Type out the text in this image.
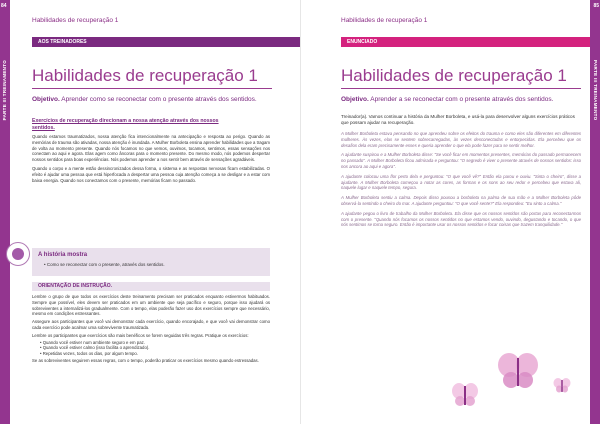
84
PARTE III TREINAMENTO
Habilidades de recuperação 1
AOS TREINADORES
Habilidades de recuperação 1
Objetivo. Aprender como se reconectar com o presente através dos sentidos.
Exercícios de recuperação direcionam a nossa atenção através dos nossos sentidos.

Quando estamos traumatizados, nossa atenção fica intencionalmente na antecipação e resposta ao perigo. Quando as memórias de trauma são ativadas, nossa atenção é inundada. A Mulher Borboleta ensina aprender habilidades que a tragam de volta ao momento presente. Quando nós focamos no que vemos, ouvimos, tocamos, sentimos, essas sensações nos conectam ao aqui e agora. Elas agem como âncoras para o momento presente. Do mesmo modo, nós podemos despertar nossos sentidos para boas experiências. Nós podemos aprender a nos sentir bem através de sensações agradáveis.

Quando o corpo e a mente estão dessincronizados dessa forma, o sistema e as respostas nervosas ficam estabilizadas. O efeito é ajudar uma pessoa que está hiperfocada a despertar uma pessoa cuja atenção começa a se desligar e a estar com baixa energia. Quando nos conectamos com o presente, memórias ficam no passado.

A história mostra
• Como se reconectar com o presente, através dos sentidos.
ORIENTAÇÃO DE INSTRUÇÃO.

Lembre o grupo de que todos os exercícios deste treinamento precisam ser praticados enquanto estivermos habituados. Sempre que possível, eles devem ser praticados em um ambiente que seja pacífico e seguro, porque isso ajudará os sobreviventes a internalizá-los gradualmente. Com o tempo, elas poderão fazer uso dos exercícios sempre que necessário, mesmo em condições estressantes.

Assegure aos participantes que você vai demonstrar cada exercício, quando encorajado, e que você vai demonstrar como cada exercício pode acalmar uma sobrevivente traumatizada.

Lembre os participantes que exercícios são mais benéficos se forem seguidas três regras. Pratique os exercícios:

• Quando você estiver num ambiente seguro e em paz.
• Quando você estiver calmo (isso facilita o aprendizado).
• Repetidas vezes, todos os dias, por algum tempo.

Se as sobreviventes seguirem essas regras, com o tempo, poderão praticar os exercícios mesmo quando estressadas.

85
PARTE III TREINAMENTO
Habilidades de recuperação 1
ENUNCIADO
Habilidades de recuperação 1
Objetivo. Aprender a se reconectar com o presente através dos sentidos.

Treinador(a). Vamos continuar a história da Mulher Borboleta, e usá-la para desenvolver alguns exercícios práticos que possam ajudar na recuperação.

A Mulher Borboleta estava pensando no que aprendeu sobre os efeitos do trauma e como eles são diferentes em diferentes mulheres. Às vezes, elas se sentem sobrecarregadas, às vezes desconectadas e entorpecidas. Ela percebeu que os desafios dela eram precisamente esses e queria aprender o que ela pode fazer para se sentir melhor.

A ajudante suspirou e a Mulher Borboleta disse: "Se você ficar em momentos presentes, memórias do passado permanecem no passado". A Mulher Borboleta ficou admirada e perguntou: "O segredo é viver o presente através de nossos sentidos: isso nos ancora ao aqui e agora".

A ajudante colocou uma flor perto dela e perguntou: "O que você vê?" Então ela parou e ouviu. "Sinta o cheiro", disse a ajudante. A Mulher Borboleta começou a notar as cores, as formas e os sons ao seu redor e percebeu que estava ali, naquele lugar e naquele tempo, segura.

A Mulher Borboleta sentiu a calma. Depois disso pousou a borboleta na palma de sua mão e a Mulher Borboleta pôde observá-la sentindo o cheiro do mar. A ajudante perguntou: "O que você sente?" Ela respondeu: "Eu sinto a calma."

A ajudante pegou o livro de trabalho da Mulher Borboleta. Ela disse que os nossos sentidos são portas para reconectarmos com o presente. "Quando nós focamos os nossos sentidos no que estamos vendo, ouvindo, degustando e tocando, o que nós sentimos se torna seguro. Então é importante usar os nossos sentidos e focar coisas que trazem tranquilidade."
